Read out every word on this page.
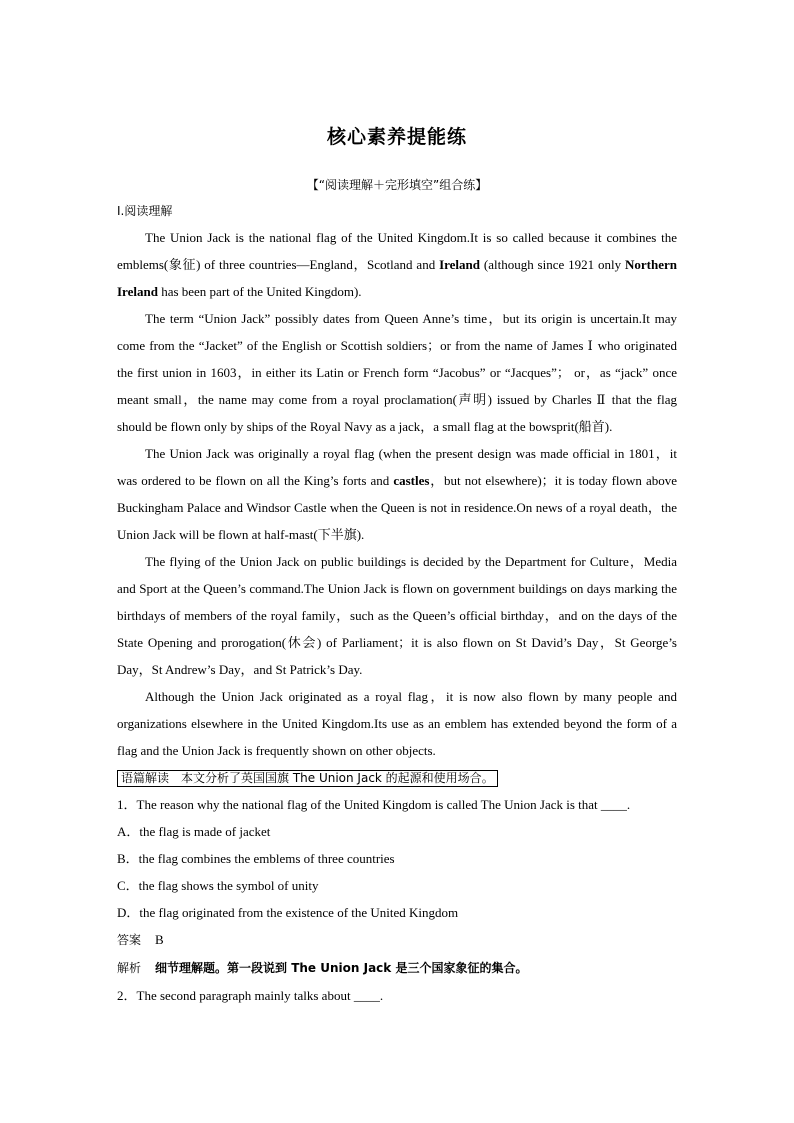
核心素养提能练
【“阅读理解＋完形填空”组合练】
Ⅰ.阅读理解

The Union Jack is the national flag of the United Kingdom.It is so called because it combines the emblems(象征) of three countries—England，Scotland and Ireland (although since 1921 only Northern Ireland has been part of the United Kingdom).

The term “Union Jack” possibly dates from Queen Anne’s time，but its origin is uncertain.It may come from the “Jacket” of the English or Scottish soldiers；or from the name of James Ⅰ who originated the first union in 1603，in either its Latin or French form “Jacobus” or “Jacques”； or，as “jack” once meant small，the name may come from a royal proclamation(声明) issued by Charles Ⅱ that the flag should be flown only by ships of the Royal Navy as a jack，a small flag at the bowsprit(船首).

The Union Jack was originally a royal flag (when the present design was made official in 1801，it was ordered to be flown on all the King’s forts and castles，but not elsewhere)；it is today flown above Buckingham Palace and Windsor Castle when the Queen is not in residence.On news of a royal death，the Union Jack will be flown at half-mast(下半旗).

The flying of the Union Jack on public buildings is decided by the Department for Culture，Media and Sport at the Queen’s command.The Union Jack is flown on government buildings on days marking the birthdays of members of the royal family，such as the Queen’s official birthday，and on the days of the State Opening and prorogation(休会) of Parliament；it is also flown on St David’s Day，St George’s Day，St Andrew’s Day，and St Patrick’s Day.

Although the Union Jack originated as a royal flag，it is now also flown by many people and organizations elsewhere in the United Kingdom.Its use as an emblem has extended beyond the form of a flag and the Union Jack is frequently shown on other objects.

语篇解读　本文分析了英国国旗 The Union Jack 的起源和使用场合。

1．The reason why the national flag of the United Kingdom is called The Union Jack is that ____.

A．the flag is made of jacket

B．the flag combines the emblems of three countries

C．the flag shows the symbol of unity

D．the flag originated from the existence of the United Kingdom

答案 B

解析 细节理解题。第一段说到 The Union Jack 是三个国家象征的集合。

2．The second paragraph mainly talks about ____.
